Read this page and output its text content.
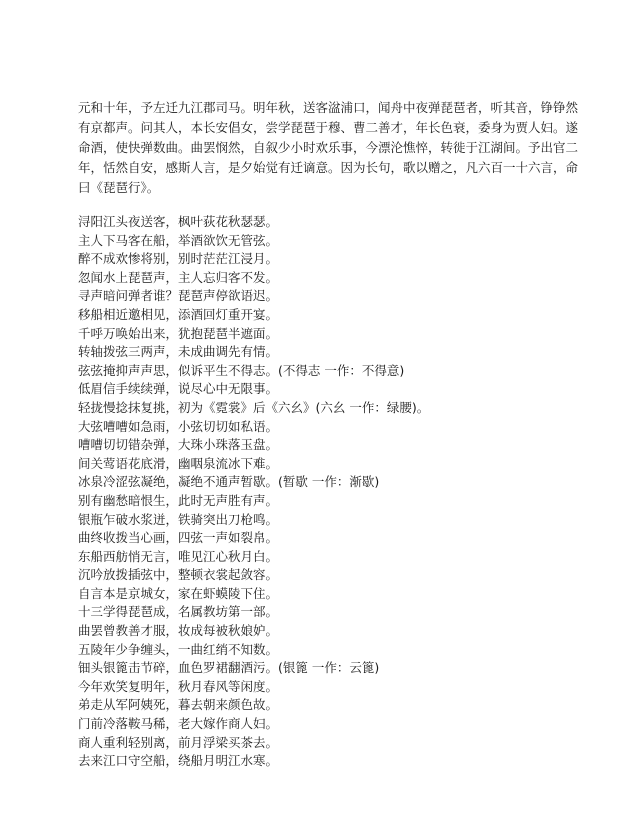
元和十年，予左迁九江郡司马。明年秋，送客湓浦口，闻舟中夜弹琵琶者，听其音，铮铮然有京都声。问其人，本长安倡女，尝学琵琶于穆、曹二善才，年长色衰，委身为贾人妇。遂命酒，使快弹数曲。曲罢悯然，自叙少小时欢乐事，今漂沦憔悴，转徙于江湖间。予出官二年，恬然自安，感斯人言，是夕始觉有迁谪意。因为长句，歌以赠之，凡六百一十六言，命曰《琵琶行》。

浔阳江头夜送客，枫叶荻花秋瑟瑟。
主人下马客在船，举酒欲饮无管弦。
醉不成欢惨将别，别时茫茫江浸月。
忽闻水上琵琶声，主人忘归客不发。
寻声暗问弹者谁？琵琶声停欲语迟。
移船相近邀相见，添酒回灯重开宴。
千呼万唤始出来，犹抱琵琶半遮面。
转轴拨弦三两声，未成曲调先有情。
弦弦掩抑声声思，似诉平生不得志。(不得志 一作：不得意)
低眉信手续续弹，说尽心中无限事。
轻拢慢捻抹复挑，初为《霓裳》后《六幺》(六幺 一作：绿腰)。
大弦嘈嘈如急雨，小弦切切如私语。
嘈嘈切切错杂弹，大珠小珠落玉盘。
间关莺语花底滑，幽咽泉流冰下难。
冰泉冷涩弦凝绝，凝绝不通声暂歇。(暂歇 一作：渐歇)
别有幽愁暗恨生，此时无声胜有声。
银瓶乍破水浆迸，铁骑突出刀枪鸣。
曲终收拨当心画，四弦一声如裂帛。
东船西舫悄无言，唯见江心秋月白。
沉吟放拨插弦中，整顿衣裳起敛容。
自言本是京城女，家在虾蟆陵下住。
十三学得琵琶成，名属教坊第一部。
曲罢曾教善才服，妆成每被秋娘妒。
五陵年少争缠头，一曲红绡不知数。
钿头银篦击节碎，血色罗裙翻酒污。(银篦 一作：云篦)
今年欢笑复明年，秋月春风等闲度。
弟走从军阿姨死，暮去朝来颜色故。
门前冷落鞍马稀，老大嫁作商人妇。
商人重利轻别离，前月浮梁买茶去。
去来江口守空船，绕船月明江水寒。
